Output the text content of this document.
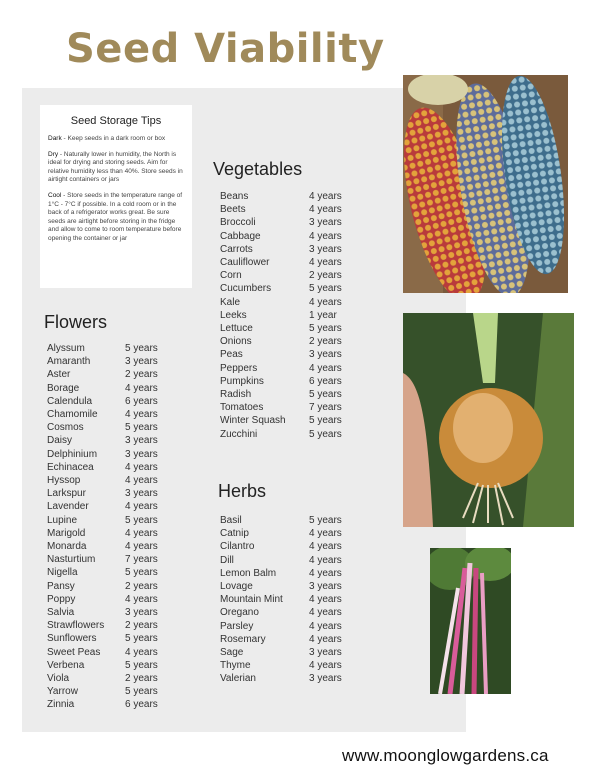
Seed Viability
Seed Storage Tips
Dark - Keep seeds in a dark room or box
Dry - Naturally lower in humidity, the North is ideal for drying and storing seeds. Aim for relative humidity less than 40%. Store seeds in airtight containers or jars
Cool - Store seeds in the temperature range of 1°C - 7°C if possible. In a cold room or in the back of a refrigerator works great. Be sure seeds are airtight before storing in the fridge and allow to come to room temperature before opening the container or jar
Vegetables
Beans	4 years
Beets	4 years
Broccoli	3 years
Cabbage	4 years
Carrots	3 years
Cauliflower	4 years
Corn	2 years
Cucumbers	5 years
Kale	4 years
Leeks	1 year
Lettuce	5 years
Onions	2 years
Peas	3 years
Peppers	4 years
Pumpkins	6 years
Radish	5 years
Tomatoes	7 years
Winter Squash	5 years
Zucchini	5 years
Flowers
Alyssum	5 years
Amaranth	3 years
Aster	2 years
Borage	4 years
Calendula	6 years
Chamomile	4 years
Cosmos	5 years
Daisy	3 years
Delphinium	3 years
Echinacea	4 years
Hyssop	4 years
Larkspur	3 years
Lavender	4 years
Lupine	5 years
Marigold	4 years
Monarda	4 years
Nasturtium	7 years
Nigella	5 years
Pansy	2 years
Poppy	4 years
Salvia	3 years
Strawflowers	2 years
Sunflowers	5 years
Sweet Peas	4 years
Verbena	5 years
Viola	2 years
Yarrow	5 years
Zinnia	6 years
Herbs
Basil	5 years
Catnip	4 years
Cilantro	4 years
Dill	4 years
Lemon Balm	4 years
Lovage	3 years
Mountain Mint	4 years
Oregano	4 years
Parsley	4 years
Rosemary	4 years
Sage	3 years
Thyme	4 years
Valerian	3 years
www.moonglowgardens.ca
